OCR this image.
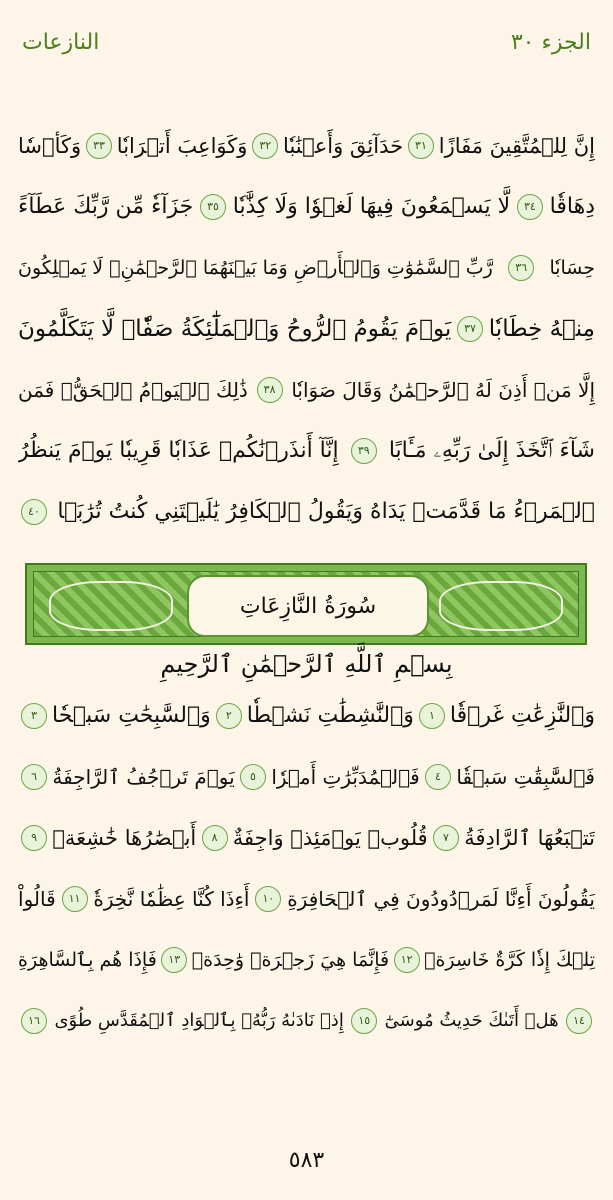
النازعات	الجزء ٣٠
إِنَّ لِلۡمُتَّقِينَ مَفَازًا
٣١
حَدَآئِقَ وَأَعۡنَٰبٗا
٣٢
وَكَوَاعِبَ أَتۡرَابٗا
٣٣
وَكَأۡسٗا
دِهَاقٗا
٣٤
لَّا يَسۡمَعُونَ فِيهَا لَغۡوٗا وَلَا كِذَّٰبٗا
٣٥
جَزَآءٗ مِّن رَّبِّكَ عَطَآءً
حِسَابٗا
٣٦
رَّبِّ ٱلسَّمَٰوَٰتِ وَٱلۡأَرۡضِ وَمَا بَيۡنَهُمَا ٱلرَّحۡمَٰنِۖ لَا يَمۡلِكُونَ
مِنۡهُ خِطَابٗا
٣٧
يَوۡمَ يَقُومُ ٱلرُّوحُ وَٱلۡمَلَٰٓئِكَةُ صَفّٗاۖ لَّا يَتَكَلَّمُونَ
إِلَّا مَنۡ أَذِنَ لَهُ ٱلرَّحۡمَٰنُ وَقَالَ صَوَابٗا
٣٨
ذَٰلِكَ ٱلۡيَوۡمُ ٱلۡحَقُّۖ فَمَن
شَآءَ ٱتَّخَذَ إِلَىٰ رَبِّهِۦ مَـَٔابًا
٣٩
إِنَّآ أَنذَرۡنَٰكُمۡ عَذَابٗا قَرِيبٗا يَوۡمَ يَنظُرُ
ٱلۡمَرۡءُ مَا قَدَّمَتۡ يَدَاهُ وَيَقُولُ ٱلۡكَافِرُ يَٰلَيۡتَنِي كُنتُ تُرَٰبَۢا
٤٠
سُورَةُ النَّازِعَاتِ
بِسۡمِ ٱللَّهِ ٱلرَّحۡمَٰنِ ٱلرَّحِيمِ
وَٱلنَّٰزِعَٰتِ غَرۡقٗا
١
وَٱلنَّٰشِطَٰتِ نَشۡطٗا
٢
وَٱلسَّٰبِحَٰتِ سَبۡحٗا
٣
فَٱلسَّٰبِقَٰتِ سَبۡقٗا
٤
فَٱلۡمُدَبِّرَٰتِ أَمۡرٗا
٥
يَوۡمَ تَرۡجُفُ ٱلرَّاجِفَةُ
٦
تَتۡبَعُهَا ٱلرَّادِفَةُ
٧
قُلُوبٞ يَوۡمَئِذٖ وَاجِفَةٌ
٨
أَبۡصَٰرُهَا خَٰشِعَةٞ
٩
يَقُولُونَ أَءِنَّا لَمَرۡدُودُونَ فِي ٱلۡحَافِرَةِ
١٠
أَءِذَا كُنَّا عِظَٰمٗا نَّخِرَةٗ
١١
قَالُواْ
تِلۡكَ إِذٗا كَرَّةٌ خَاسِرَةٞ
١٢
فَإِنَّمَا هِيَ زَجۡرَةٞ وَٰحِدَةٞ
١٣
فَإِذَا هُم بِٱلسَّاهِرَةِ
١٤
هَلۡ أَتَىٰكَ حَدِيثُ مُوسَىٰٓ
١٥
إِذۡ نَادَىٰهُ رَبُّهُۥ بِٱلۡوَادِ ٱلۡمُقَدَّسِ طُوًى
١٦
٥٨٣
